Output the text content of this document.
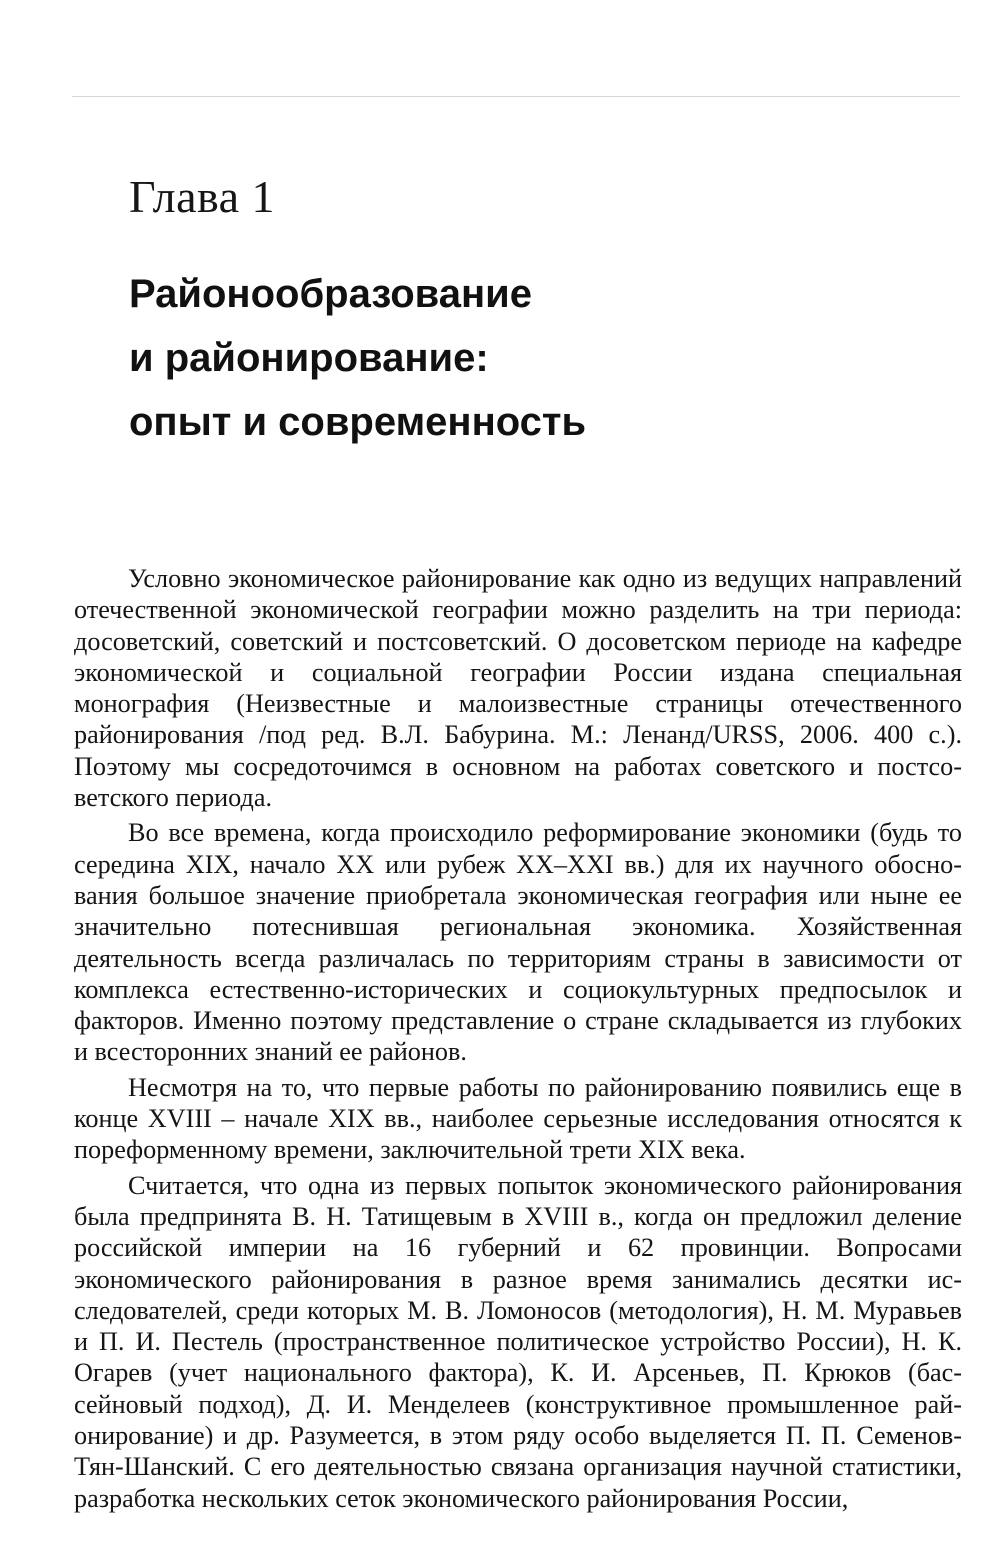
Глава 1
Районообразование
и районирование:
опыт и современность

Условно экономическое районирование как одно из ведущих направлений отечественной экономической географии можно разделить на три периода: досоветский, советский и постсоветский. О досоветском периоде на кафедре экономической и социальной географии России издана специальная монография (Неизвестные и малоизвестные страницы отечественного районирования /под ред. В.Л. Бабурина. М.: Ленанд/URSS, 2006. 400 с.). Поэтому мы сосредоточимся в основном на работах советского и постсоветского периода.

Во все времена, когда происходило реформирование экономики (будь то середина XIX, начало XX или рубеж XX–XXI вв.) для их научного обоснования большое значение приобретала экономическая география или ныне ее значительно потеснившая региональная экономика. Хозяйственная деятельность всегда различалась по территориям страны в зависимости от комплекса естественно-исторических и социокультурных предпосылок и факторов. Именно поэтому представление о стране складывается из глубоких и всесторонних знаний ее районов.

Несмотря на то, что первые работы по районированию появились еще в конце XVIII – начале XIX вв., наиболее серьезные исследования относятся к пореформенному времени, заключительной трети XIX века.

Считается, что одна из первых попыток экономического районирования была предпринята В. Н. Татищевым в XVIII в., когда он предложил деление российской империи на 16 губерний и 62 провинции. Вопросами экономического районирования в разное время занимались десятки исследователей, среди которых М. В. Ломоносов (методология), Н. М. Муравьев и П. И. Пестель (пространственное политическое устройство России), Н. К. Огарев (учет национального фактора), К. И. Арсеньев, П. Крюков (бассейновый подход), Д. И. Менделеев (конструктивное промышленное районирование) и др. Разумеется, в этом ряду особо выделяется П. П. Семенов-Тян-Шанский. С его деятельностью связана организация научной статистики, разработка нескольких сеток экономического районирования России,
